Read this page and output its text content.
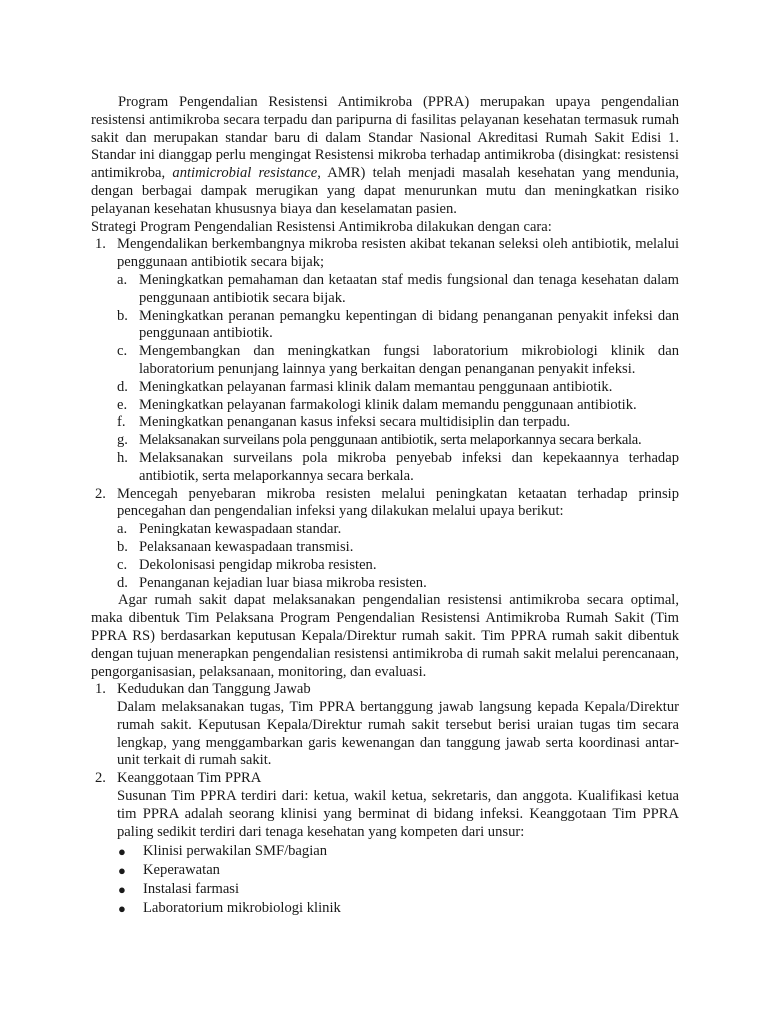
Program Pengendalian Resistensi Antimikroba (PPRA) merupakan upaya pengendalian resistensi antimikroba secara terpadu dan paripurna di fasilitas pelayanan kesehatan termasuk rumah sakit dan merupakan standar baru di dalam Standar Nasional Akreditasi Rumah Sakit Edisi 1. Standar ini dianggap perlu mengingat Resistensi mikroba terhadap antimikroba (disingkat: resistensi antimikroba, antimicrobial resistance, AMR) telah menjadi masalah kesehatan yang mendunia, dengan berbagai dampak merugikan yang dapat menurunkan mutu dan meningkatkan risiko pelayanan kesehatan khususnya biaya dan keselamatan pasien.

Strategi Program Pengendalian Resistensi Antimikroba dilakukan dengan cara:

1. Mengendalikan berkembangnya mikroba resisten akibat tekanan seleksi oleh antibiotik, melalui penggunaan antibiotik secara bijak;
a. Meningkatkan pemahaman dan ketaatan staf medis fungsional dan tenaga kesehatan dalam penggunaan antibiotik secara bijak.
b. Meningkatkan peranan pemangku kepentingan di bidang penanganan penyakit infeksi dan penggunaan antibiotik.
c. Mengembangkan dan meningkatkan fungsi laboratorium mikrobiologi klinik dan laboratorium penunjang lainnya yang berkaitan dengan penanganan penyakit infeksi.
d. Meningkatkan pelayanan farmasi klinik dalam memantau penggunaan antibiotik.
e. Meningkatkan pelayanan farmakologi klinik dalam memandu penggunaan antibiotik.
f. Meningkatkan penanganan kasus infeksi secara multidisiplin dan terpadu.
g. Melaksanakan surveilans pola penggunaan antibiotik, serta melaporkannya secara berkala.
h. Melaksanakan surveilans pola mikroba penyebab infeksi dan kepekaannya terhadap antibiotik, serta melaporkannya secara berkala.
2. Mencegah penyebaran mikroba resisten melalui peningkatan ketaatan terhadap prinsip pencegahan dan pengendalian infeksi yang dilakukan melalui upaya berikut:
a. Peningkatan kewaspadaan standar.
b. Pelaksanaan kewaspadaan transmisi.
c. Dekolonisasi pengidap mikroba resisten.
d. Penanganan kejadian luar biasa mikroba resisten.

Agar rumah sakit dapat melaksanakan pengendalian resistensi antimikroba secara optimal, maka dibentuk Tim Pelaksana Program Pengendalian Resistensi Antimikroba Rumah Sakit (Tim PPRA RS) berdasarkan keputusan Kepala/Direktur rumah sakit. Tim PPRA rumah sakit dibentuk dengan tujuan menerapkan pengendalian resistensi antimikroba di rumah sakit melalui perencanaan, pengorganisasian, pelaksanaan, monitoring, dan evaluasi.

1. Kedudukan dan Tanggung Jawab

Dalam melaksanakan tugas, Tim PPRA bertanggung jawab langsung kepada Kepala/Direktur rumah sakit. Keputusan Kepala/Direktur rumah sakit tersebut berisi uraian tugas tim secara lengkap, yang menggambarkan garis kewenangan dan tanggung jawab serta koordinasi antar-unit terkait di rumah sakit.

2. Keanggotaan Tim PPRA

Susunan Tim PPRA terdiri dari: ketua, wakil ketua, sekretaris, dan anggota. Kualifikasi ketua tim PPRA adalah seorang klinisi yang berminat di bidang infeksi. Keanggotaan Tim PPRA paling sedikit terdiri dari tenaga kesehatan yang kompeten dari unsur:

● Klinisi perwakilan SMF/bagian
● Keperawatan
● Instalasi farmasi
● Laboratorium mikrobiologi klinik
